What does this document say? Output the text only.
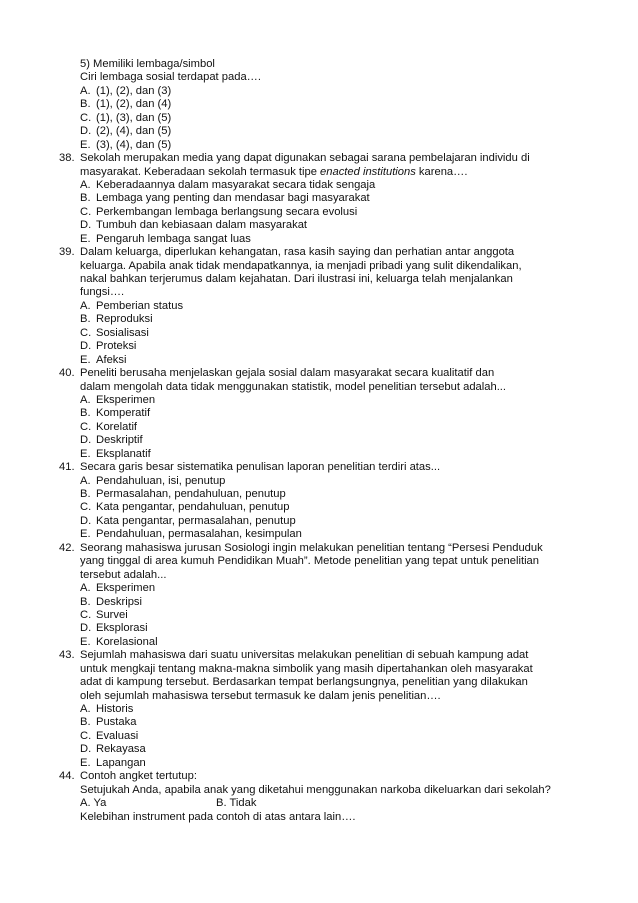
5) Memiliki lembaga/simbol
Ciri lembaga sosial terdapat pada….
A. (1), (2), dan (3)
B. (1), (2), dan (4)
C. (1), (3), dan (5)
D. (2), (4), dan (5)
E. (3), (4), dan (5)
38. Sekolah merupakan media yang dapat digunakan sebagai sarana pembelajaran individu di
masyarakat. Keberadaan sekolah termasuk tipe enacted institutions karena….
A. Keberadaannya dalam masyarakat secara tidak sengaja
B. Lembaga yang penting dan mendasar bagi masyarakat
C. Perkembangan lembaga berlangsung secara evolusi
D. Tumbuh dan kebiasaan dalam masyarakat
E. Pengaruh lembaga sangat luas
39. Dalam keluarga, diperlukan kehangatan, rasa kasih saying dan perhatian antar anggota
keluarga. Apabila anak tidak mendapatkannya, ia menjadi pribadi yang sulit dikendalikan,
nakal bahkan terjerumus dalam kejahatan. Dari ilustrasi ini, keluarga telah menjalankan
fungsi….
A. Pemberian status
B. Reproduksi
C. Sosialisasi
D. Proteksi
E. Afeksi
40. Peneliti berusaha menjelaskan gejala sosial dalam masyarakat secara kualitatif dan
dalam mengolah data tidak menggunakan statistik, model penelitian tersebut adalah...
A. Eksperimen
B. Komperatif
C. Korelatif
D. Deskriptif
E. Eksplanatif
41. Secara garis besar sistematika penulisan laporan penelitian terdiri atas...
A. Pendahuluan, isi, penutup
B. Permasalahan, pendahuluan, penutup
C. Kata pengantar, pendahuluan, penutup
D. Kata pengantar, permasalahan, penutup
E. Pendahuluan, permasalahan, kesimpulan
42. Seorang mahasiswa jurusan Sosiologi ingin melakukan penelitian tentang “Persesi Penduduk
yang tinggal di area kumuh Pendidikan Muah”. Metode penelitian yang tepat untuk penelitian
tersebut adalah...
A. Eksperimen
B. Deskripsi
C. Survei
D. Eksplorasi
E. Korelasional
43. Sejumlah mahasiswa dari suatu universitas melakukan penelitian di sebuah kampung adat
untuk mengkaji tentang makna-makna simbolik yang masih dipertahankan oleh masyarakat
adat di kampung tersebut. Berdasarkan tempat berlangsungnya, penelitian yang dilakukan
oleh sejumlah mahasiswa tersebut termasuk ke dalam jenis penelitian….
A. Historis
B. Pustaka
C. Evaluasi
D. Rekayasa
E. Lapangan
44. Contoh angket tertutup:
Setujukah Anda, apabila anak yang diketahui menggunakan narkoba dikeluarkan dari sekolah?
A. Ya	B. Tidak
Kelebihan instrument pada contoh di atas antara lain….
